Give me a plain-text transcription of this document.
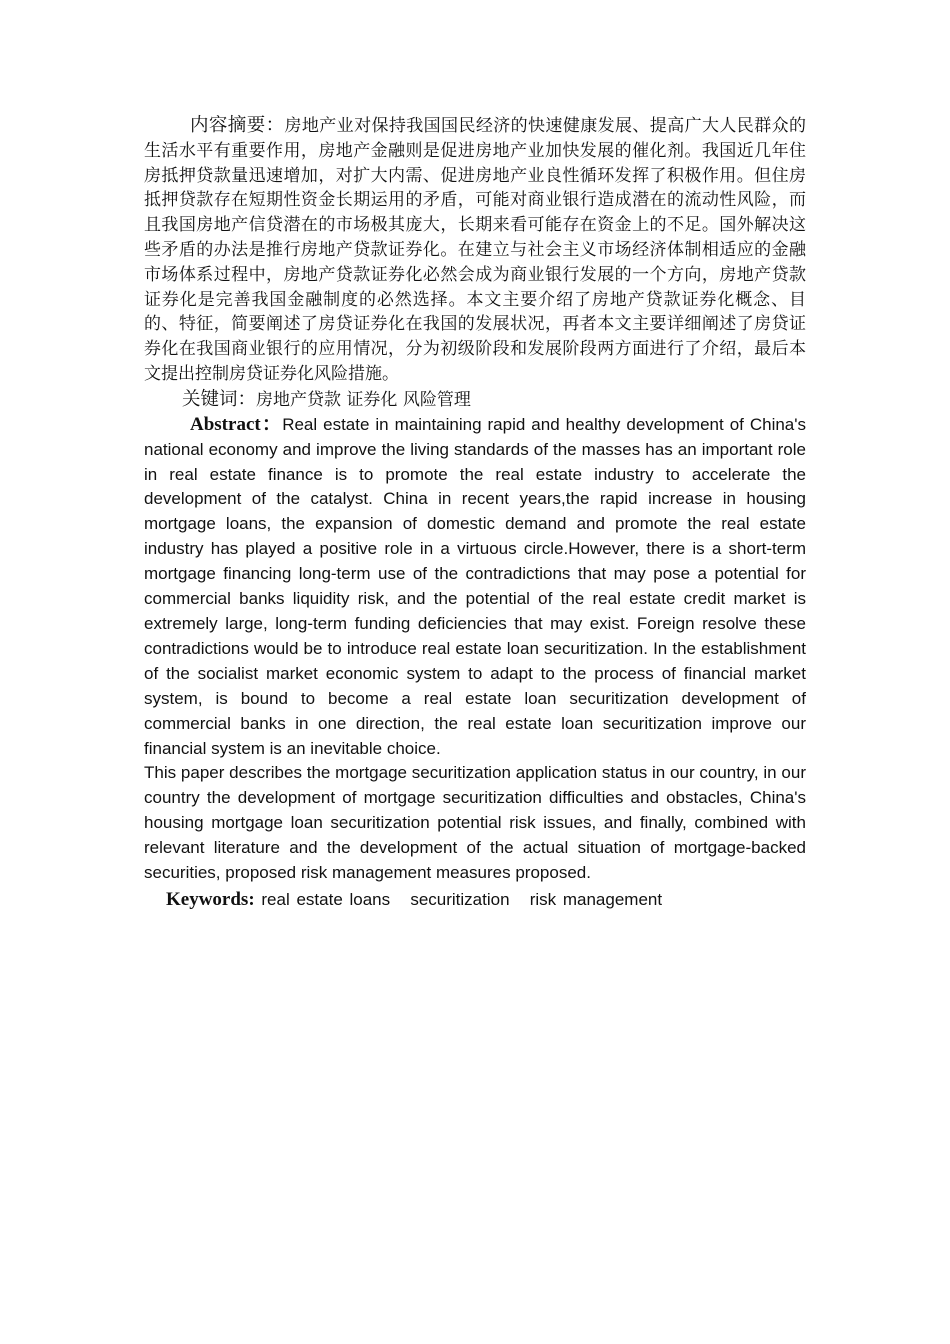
内容摘要：房地产业对保持我国国民经济的快速健康发展、提高广大人民群众的生活水平有重要作用，房地产金融则是促进房地产业加快发展的催化剂。我国近几年住房抵押贷款量迅速增加，对扩大内需、促进房地产业良性循环发挥了积极作用。但住房抵押贷款存在短期性资金长期运用的矛盾，可能对商业银行造成潜在的流动性风险，而且我国房地产信贷潜在的市场极其庞大，长期来看可能存在资金上的不足。国外解决这些矛盾的办法是推行房地产贷款证券化。在建立与社会主义市场经济体制相适应的金融市场体系过程中，房地产贷款证券化必然会成为商业银行发展的一个方向，房地产贷款证券化是完善我国金融制度的必然选择。本文主要介绍了房地产贷款证券化概念、目的、特征，简要阐述了房贷证券化在我国的发展状况，再者本文主要详细阐述了房贷证券化在我国商业银行的应用情况，分为初级阶段和发展阶段两方面进行了介绍，最后本文提出控制房贷证券化风险措施。

关键词：房地产贷款 证券化 风险管理

Abstract：Real estate in maintaining rapid and healthy development of China's national economy and improve the living standards of the masses has an important role in real estate finance is to promote the real estate industry to accelerate the development of the catalyst. China in recent years,the rapid increase in housing mortgage loans, the expansion of domestic demand and promote the real estate industry has played a positive role in a virtuous circle.However, there is a short-term mortgage financing long-term use of the contradictions that may pose a potential for commercial banks liquidity risk, and the potential of the real estate credit market is extremely large, long-term funding deficiencies that may exist. Foreign resolve these contradictions would be to introduce real estate loan securitization. In the establishment of the socialist market economic system to adapt to the process of financial market system, is bound to become a real estate loan securitization development of commercial banks in one direction, the real estate loan securitization improve our financial system is an inevitable choice.

This paper describes the mortgage securitization application status in our country, in our country the development of mortgage securitization difficulties and obstacles, China's housing mortgage loan securitization potential risk issues, and finally, combined with relevant literature and the development of the actual situation of mortgage-backed securities, proposed risk management measures proposed.

Keywords: real estate loans securitization risk management
